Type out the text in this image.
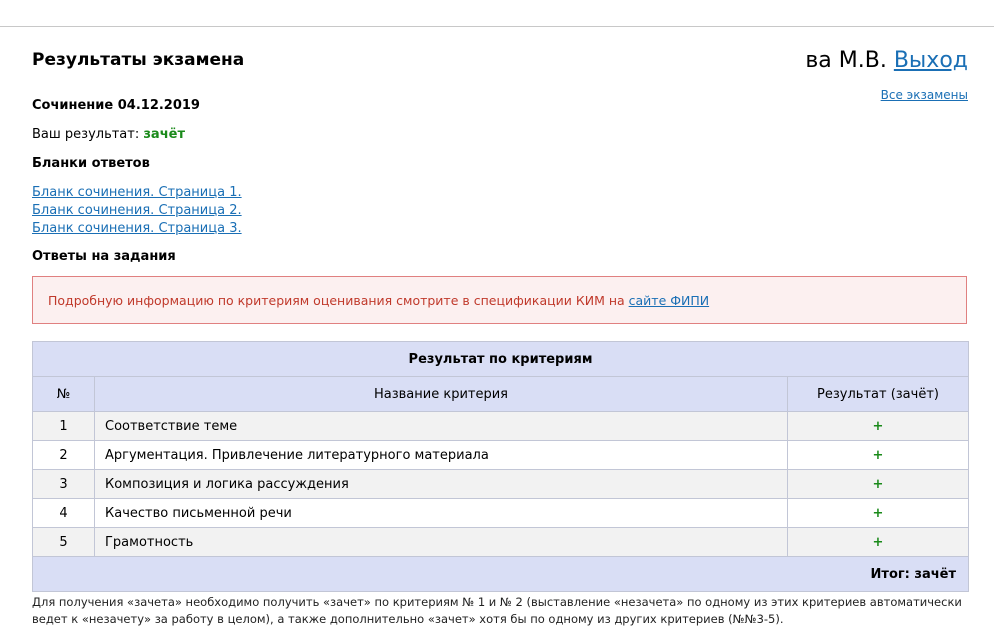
Результаты экзамена	ва М.В. Выход
Все экзамены
Сочинение 04.12.2019
Ваш результат: зачёт
Бланки ответов
Бланк сочинения. Страница 1.
Бланк сочинения. Страница 2.
Бланк сочинения. Страница 3.
Ответы на задания
Подробную информацию по критериям оценивания смотрите в спецификации КИМ на сайте ФИПИ
Результат по критериям		
№	Название критерия	Результат (зачёт)
1	Соответствие теме	+
2	Аргументация. Привлечение литературного материала	+
3	Композиция и логика рассуждения	+
4	Качество письменной речи	+
5	Грамотность	+
Итог: зачёт		
Для получения «зачета» необходимо получить «зачет» по критериям № 1 и № 2 (выставление «незачета» по одному из этих критериев автоматически ведет к «незачету» за работу в целом), а также дополнительно «зачет» хотя бы по одному из других критериев (№№3-5).
